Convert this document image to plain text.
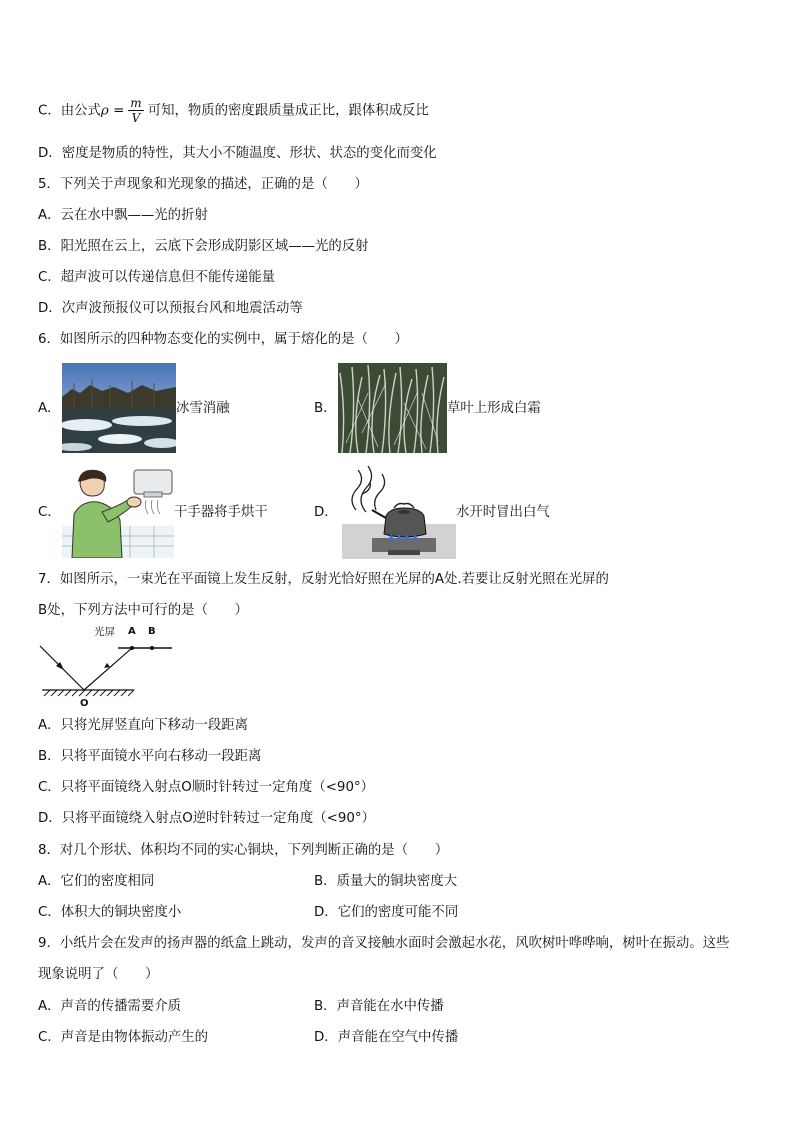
C．由公式$\rho = \frac{m}{V}$ 可知，物质的密度跟质量成正比，跟体积成反比
D．密度是物质的特性，其大小不随温度、形状、状态的变化而变化
5．下列关于声现象和光现象的描述，正确的是（　　）
A．云在水中飘——光的折射
B．阳光照在云上，云底下会形成阴影区域——光的反射
C．超声波可以传递信息但不能传递能量
D．次声波预报仪可以预报台风和地震活动等
6．如图所示的四种物态变化的实例中，属于熔化的是（　　）
A．	冰雪消融	B．	草叶上形成白霜
C．	干手器将手烘干	D．	水开时冒出白气
7．如图所示，一束光在平面镜上发生反射，反射光恰好照在光屏的A处.若要让反射光照在光屏的
B处，下列方法中可行的是（　　）
光屏 A B
O
A．只将光屏竖直向下移动一段距离
B．只将平面镜水平向右移动一段距离
C．只将平面镜绕入射点O顺时针转过一定角度（<90°）
D．只将平面镜绕入射点O逆时针转过一定角度（<90°）
8．对几个形状、体积均不同的实心铜块，下列判断正确的是（　　）
A．它们的密度相同	B．质量大的铜块密度大
C．体积大的铜块密度小	D．它们的密度可能不同
9．小纸片会在发声的扬声器的纸盒上跳动，发声的音叉接触水面时会激起水花，风吹树叶哗哗响，树叶在振动。这些
现象说明了（　　）
A．声音的传播需要介质	B．声音能在水中传播
C．声音是由物体振动产生的	D．声音能在空气中传播
